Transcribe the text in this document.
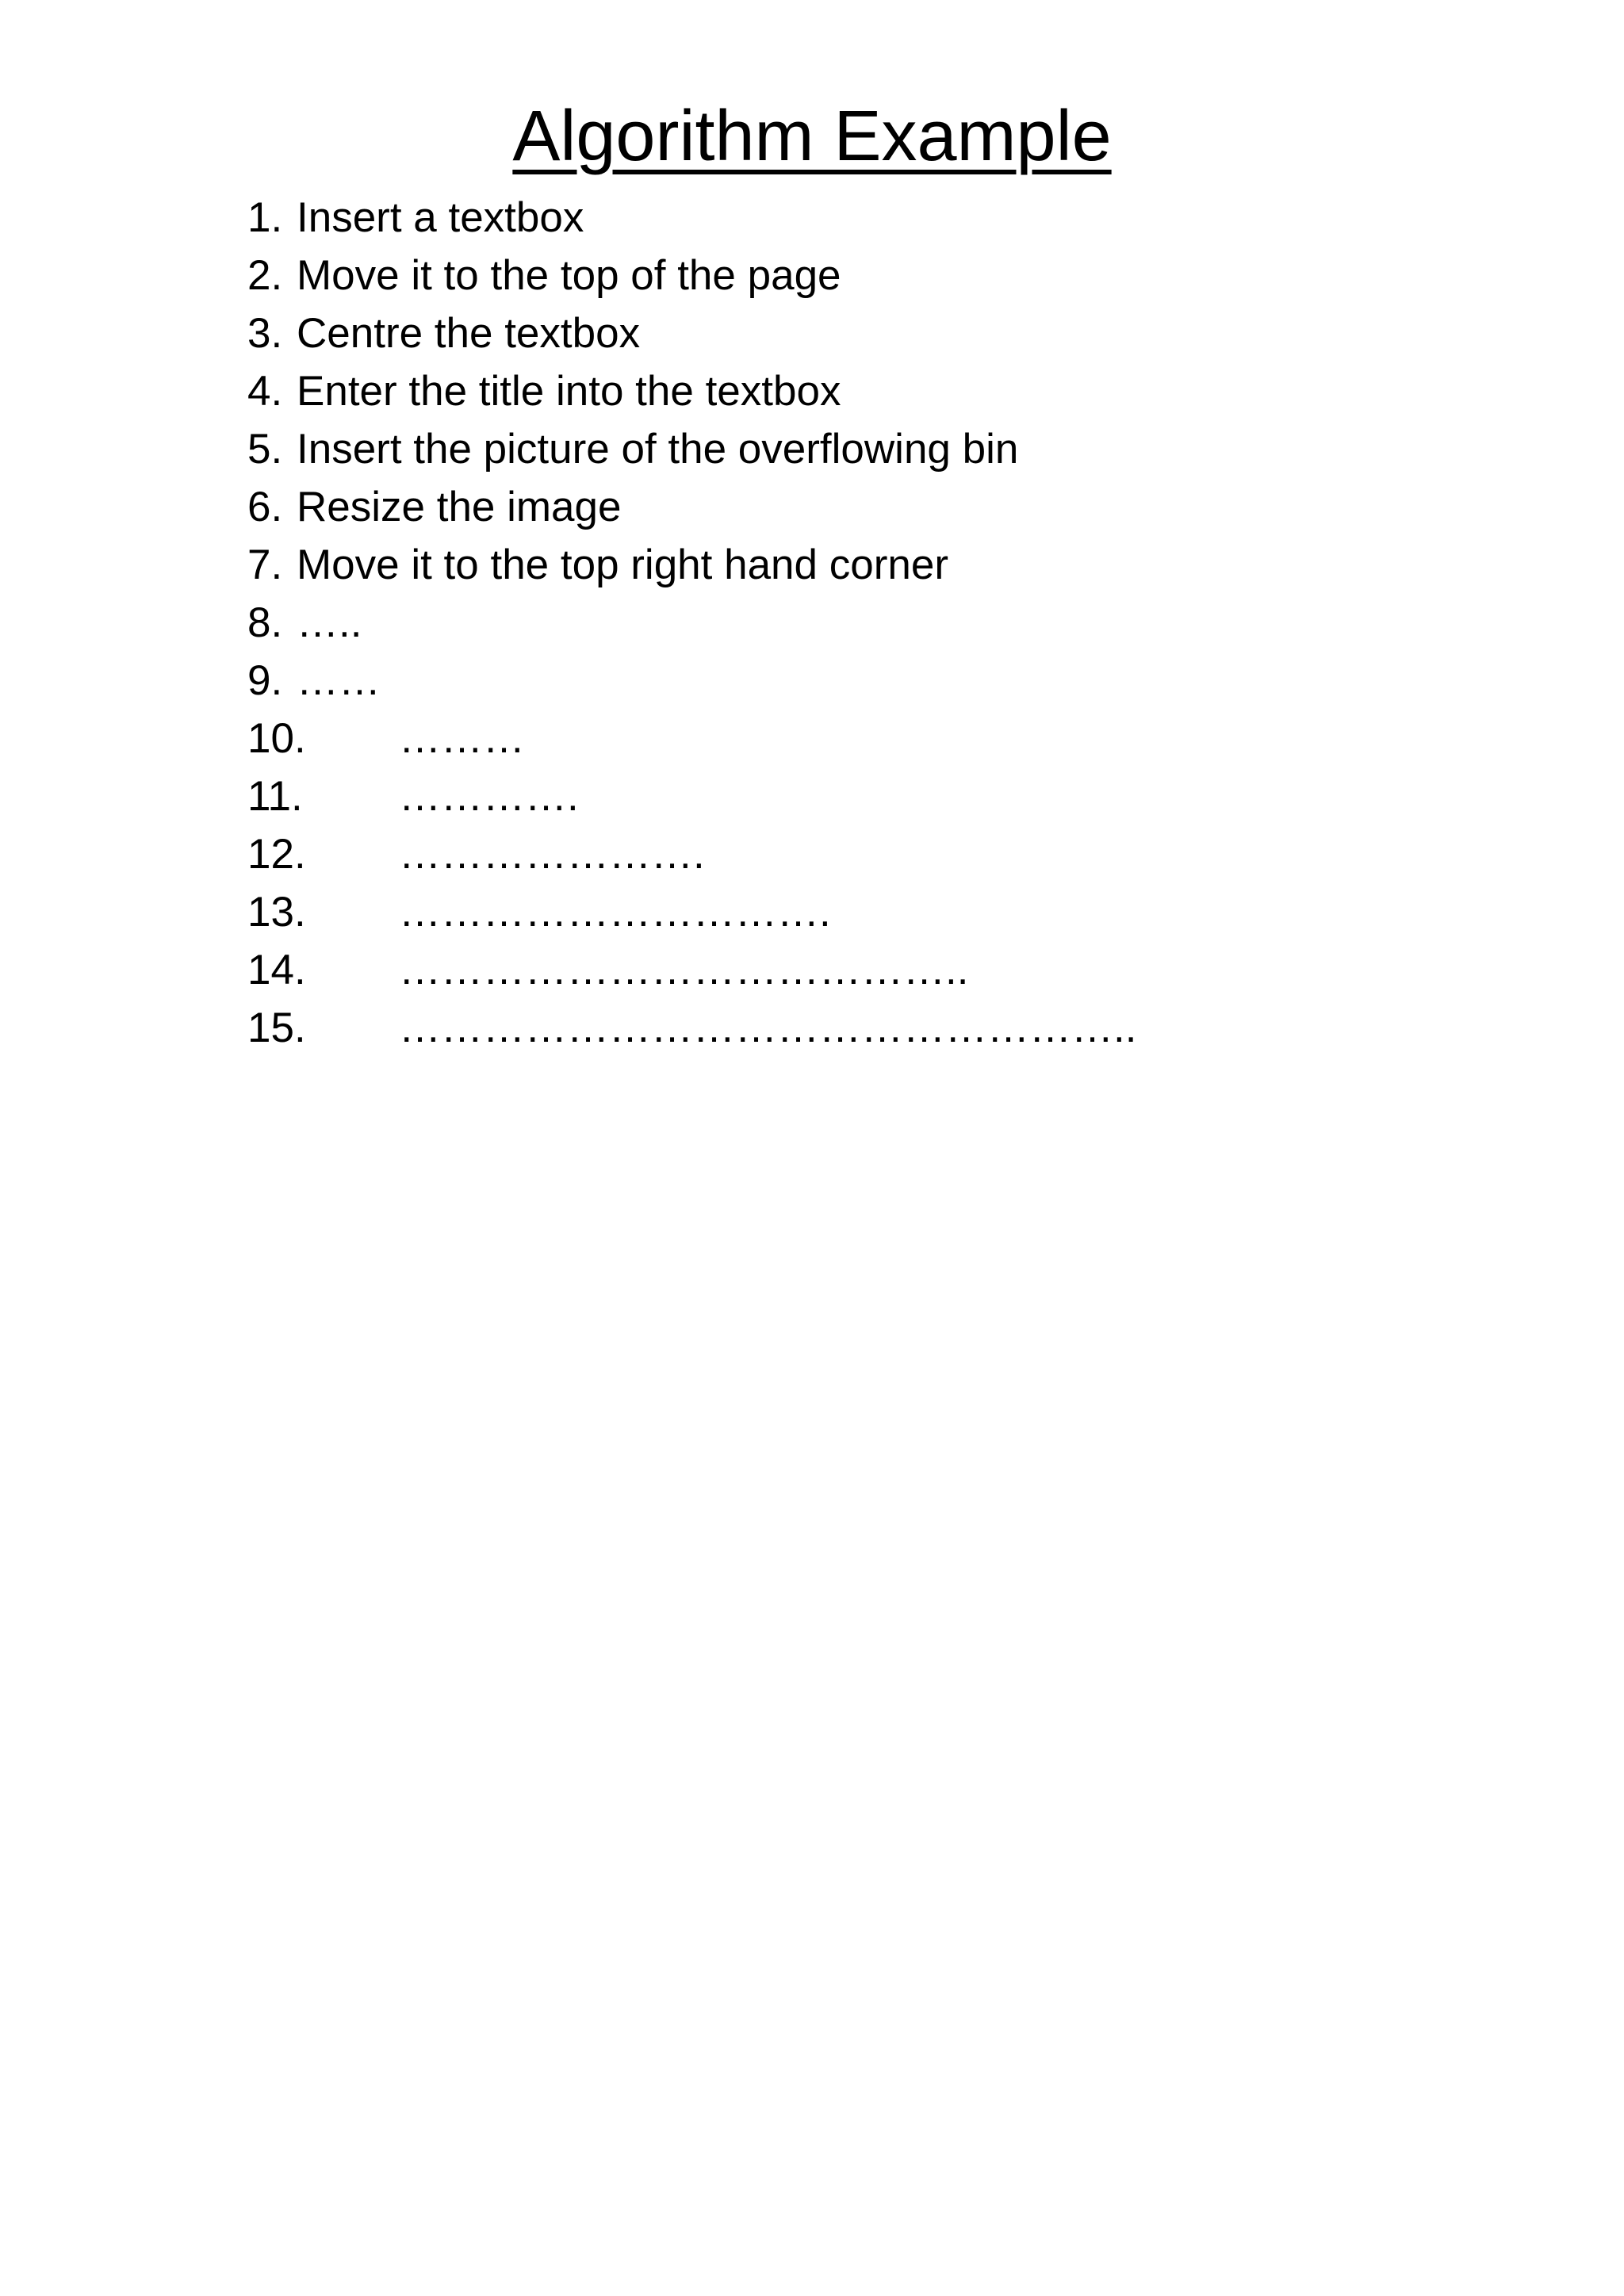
Algorithm Example
1. Insert a textbox
2. Move it to the top of the page
3. Centre the textbox
4. Enter the title into the textbox
5. Insert the picture of the overflowing bin
6. Resize the image
7. Move it to the top right hand corner
8. …..
9. ……
10.	………
11.	………….
12.	………………….
13.	………………………….
14.	…………………………………..
15.	……………………………………………..
